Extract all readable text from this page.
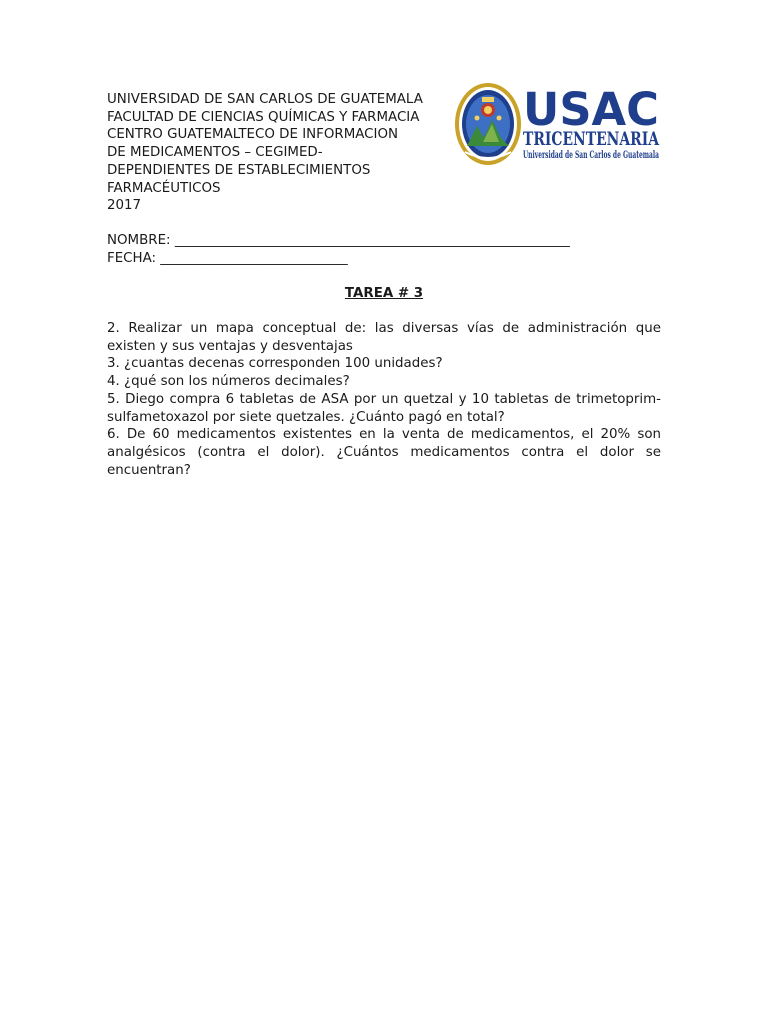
UNIVERSIDAD DE SAN CARLOS DE GUATEMALA
FACULTAD DE CIENCIAS QUÍMICAS Y FARMACIA
CENTRO GUATEMALTECO DE INFORMACION
DE MEDICAMENTOS – CEGIMED-
DEPENDIENTES DE ESTABLECIMIENTOS
FARMACÉUTICOS
2017
USAC
TRICENTENARIA
Universidad de San Carlos de Guatemala
NOMBRE: ___________________________________________________________
FECHA: ____________________________
TAREA # 3

2. Realizar un mapa conceptual de: las diversas vías de administración que existen y sus ventajas y desventajas

3. ¿cuantas decenas corresponden 100 unidades?

4. ¿qué son los números decimales?

5. Diego compra 6 tabletas de ASA por un quetzal y 10 tabletas de trimetoprim-sulfametoxazol por siete quetzales. ¿Cuánto pagó en total?

6. De 60 medicamentos existentes en la venta de medicamentos, el 20% son analgésicos (contra el dolor). ¿Cuántos medicamentos contra el dolor se encuentran?
